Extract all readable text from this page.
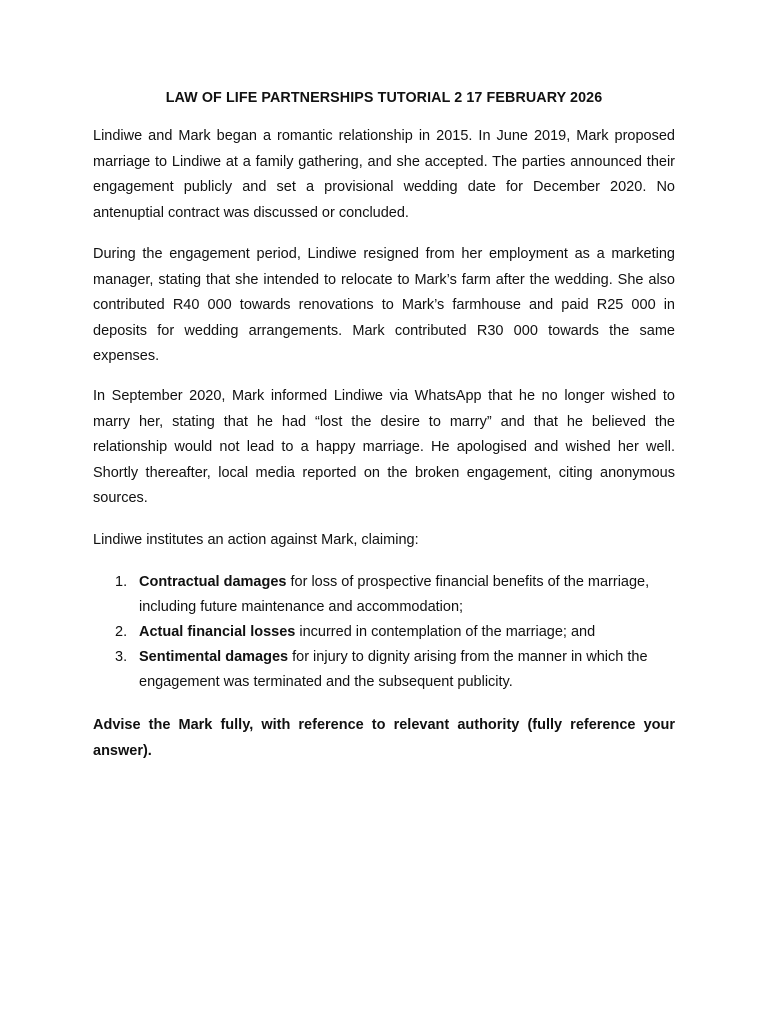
LAW OF LIFE PARTNERSHIPS TUTORIAL 2 17 FEBRUARY 2026

Lindiwe and Mark began a romantic relationship in 2015. In June 2019, Mark proposed marriage to Lindiwe at a family gathering, and she accepted. The parties announced their engagement publicly and set a provisional wedding date for December 2020. No antenuptial contract was discussed or concluded.

During the engagement period, Lindiwe resigned from her employment as a marketing manager, stating that she intended to relocate to Mark’s farm after the wedding. She also contributed R40 000 towards renovations to Mark’s farmhouse and paid R25 000 in deposits for wedding arrangements. Mark contributed R30 000 towards the same expenses.

In September 2020, Mark informed Lindiwe via WhatsApp that he no longer wished to marry her, stating that he had “lost the desire to marry” and that he believed the relationship would not lead to a happy marriage. He apologised and wished her well. Shortly thereafter, local media reported on the broken engagement, citing anonymous sources.

Lindiwe institutes an action against Mark, claiming:

1. Contractual damages for loss of prospective financial benefits of the marriage, including future maintenance and accommodation;
2. Actual financial losses incurred in contemplation of the marriage; and
3. Sentimental damages for injury to dignity arising from the manner in which the engagement was terminated and the subsequent publicity.

Advise the Mark fully, with reference to relevant authority (fully reference your answer).
